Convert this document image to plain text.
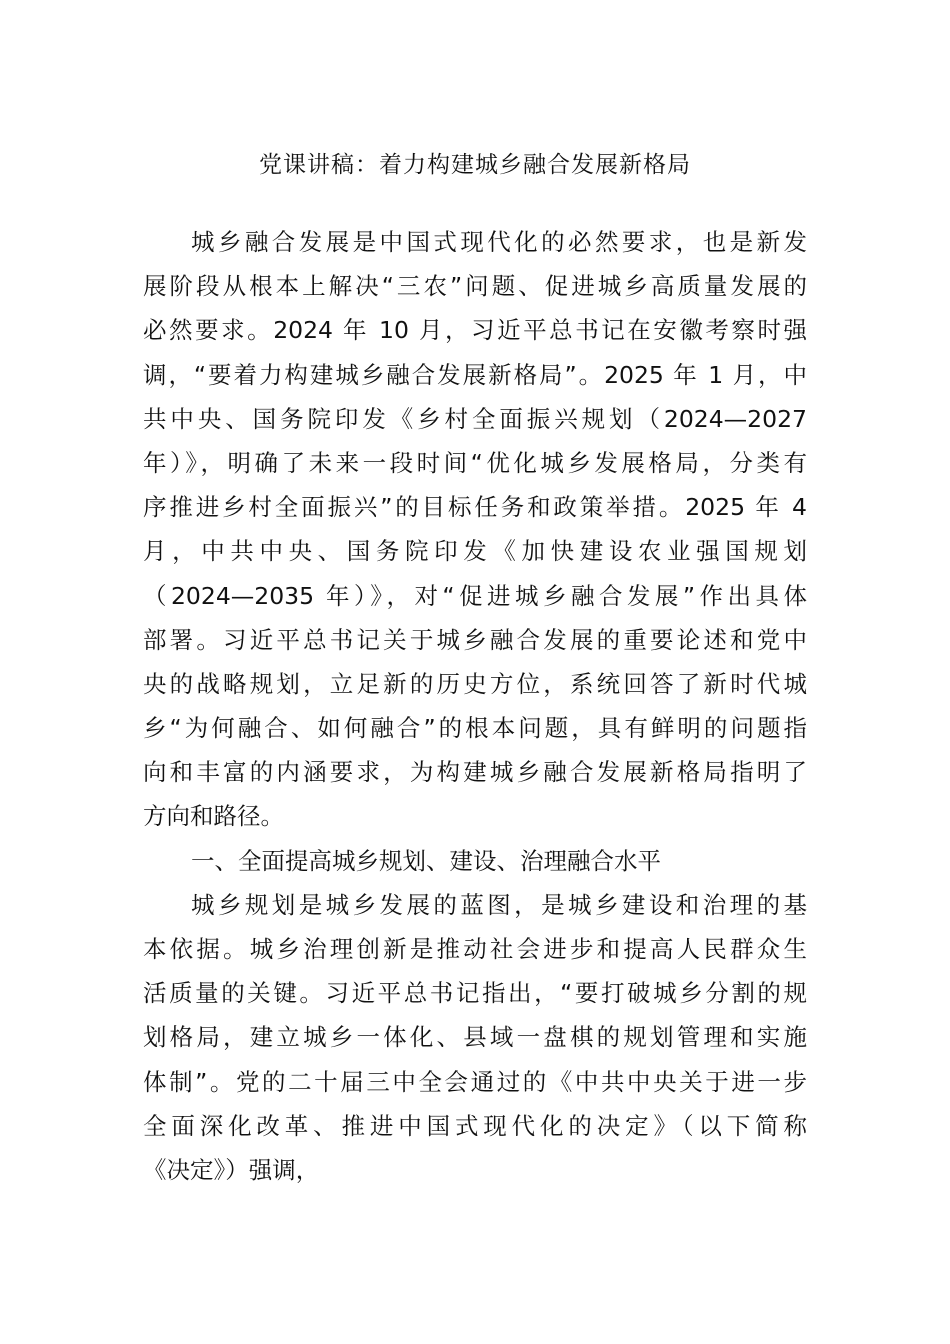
党课讲稿：着力构建城乡融合发展新格局
城乡融合发展是中国式现代化的必然要求，也是新发
展阶段从根本上解决“三农”问题、促进城乡高质量发展的
必然要求。2024 年 10 月，习近平总书记在安徽考察时强
调，“要着力构建城乡融合发展新格局”。2025 年 1 月，中
共中央、国务院印发《乡村全面振兴规划（2024—2027
年）》，明确了未来一段时间“优化城乡发展格局，分类有
序推进乡村全面振兴”的目标任务和政策举措。2025 年 4
月，中共中央、国务院印发《加快建设农业强国规划
（2024—2035 年）》，对“促进城乡融合发展”作出具体
部署。习近平总书记关于城乡融合发展的重要论述和党中
央的战略规划，立足新的历史方位，系统回答了新时代城
乡“为何融合、如何融合”的根本问题，具有鲜明的问题指
向和丰富的内涵要求，为构建城乡融合发展新格局指明了
方向和路径。
一、全面提高城乡规划、建设、治理融合水平
城乡规划是城乡发展的蓝图，是城乡建设和治理的基
本依据。城乡治理创新是推动社会进步和提高人民群众生
活质量的关键。习近平总书记指出，“要打破城乡分割的规
划格局，建立城乡一体化、县域一盘棋的规划管理和实施
体制”。党的二十届三中全会通过的《中共中央关于进一步
全面深化改革、推进中国式现代化的决定》（以下简称
《决定》）强调，
